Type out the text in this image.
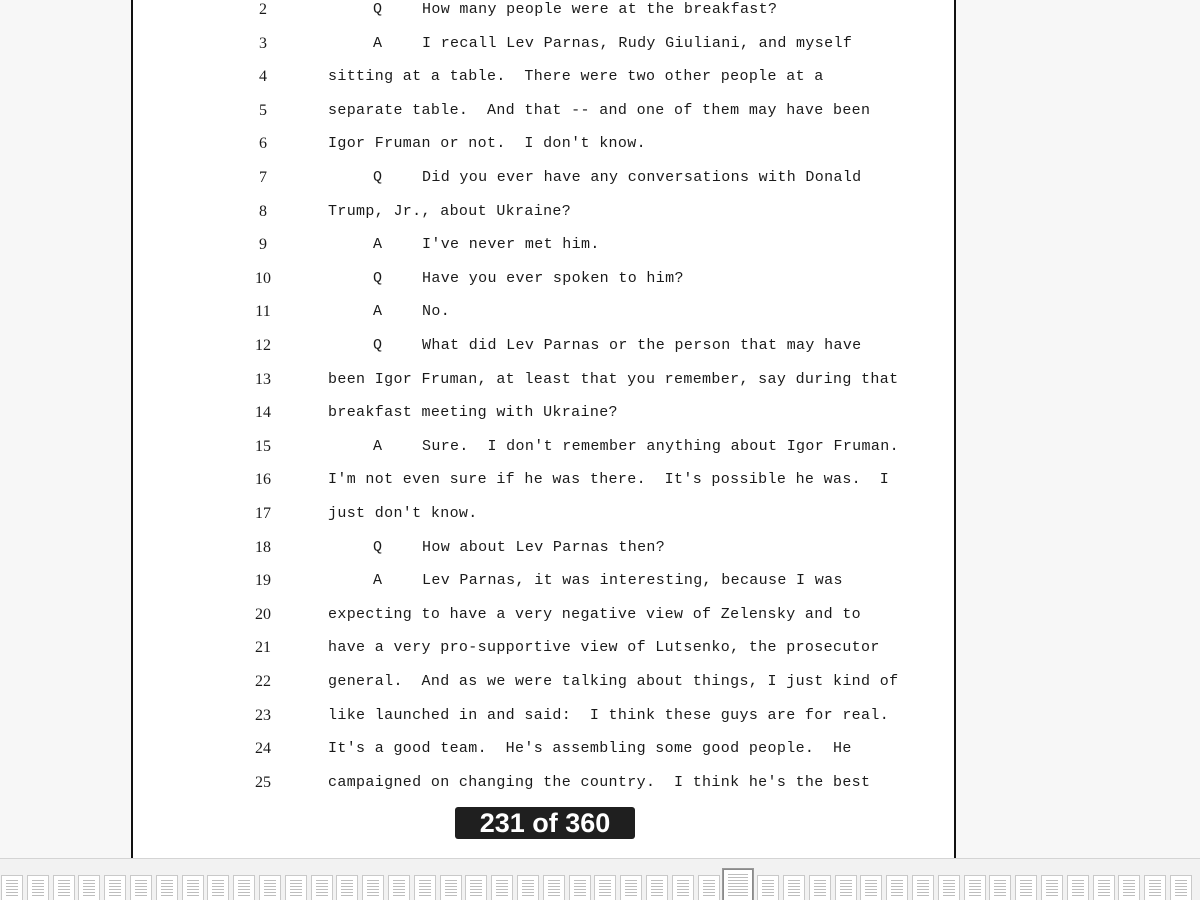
2	Q	How many people were at the breakfast?
3	A	I recall Lev Parnas, Rudy Giuliani, and myself
4	sitting at a table.  There were two other people at a
5	separate table.  And that -- and one of them may have been
6	Igor Fruman or not.  I don't know.
7	Q	Did you ever have any conversations with Donald
8	Trump, Jr., about Ukraine?
9	A	I've never met him.
10	Q	Have you ever spoken to him?
11	A	No.
12	Q	What did Lev Parnas or the person that may have
13	been Igor Fruman, at least that you remember, say during that
14	breakfast meeting with Ukraine?
15	A	Sure.  I don't remember anything about Igor Fruman.
16	I'm not even sure if he was there.  It's possible he was.  I
17	just don't know.
18	Q	How about Lev Parnas then?
19	A	Lev Parnas, it was interesting, because I was
20	expecting to have a very negative view of Zelensky and to
21	have a very pro-supportive view of Lutsenko, the prosecutor
22	general.  And as we were talking about things, I just kind of
23	like launched in and said:  I think these guys are for real.
24	It's a good team.  He's assembling some good people.  He
25	campaigned on changing the country.  I think he's the best
231 of 360
